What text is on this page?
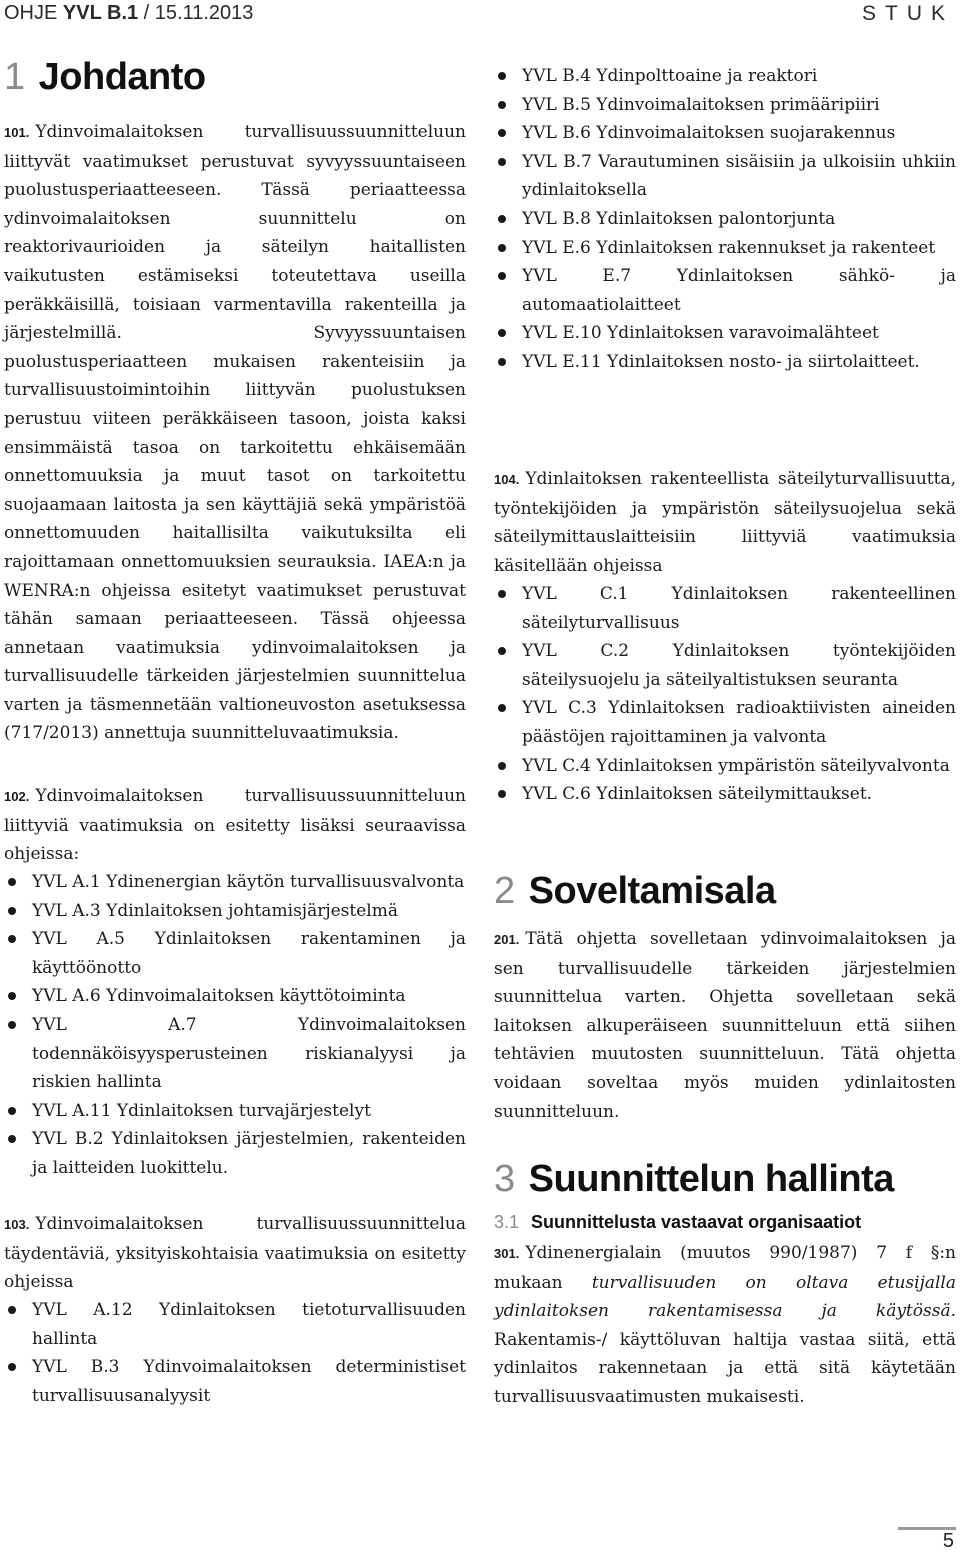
OHJE YVL B.1 / 15.11.2013	STUK
1 Johdanto

101. Ydinvoimalaitoksen turvallisuussuunnitteluun liittyvät vaatimukset perustuvat syvyyssuuntaiseen puolustusperiaatteeseen. Tässä periaatteessa ydinvoimalaitoksen suunnittelu on reaktorivaurioiden ja säteilyn haitallisten vaikutusten estämiseksi toteutettava useilla peräkkäisillä, toisiaan varmentavilla rakenteilla ja järjestelmillä. Syvyyssuuntaisen puolustusperiaatteen mukaisen rakenteisiin ja turvallisuustoimintoihin liittyvän puolustuksen perustuu viiteen peräkkäiseen tasoon, joista kaksi ensimmäistä tasoa on tarkoitettu ehkäisemään onnettomuuksia ja muut tasot on tarkoitettu suojaamaan laitosta ja sen käyttäjiä sekä ympäristöä onnettomuuden haitallisilta vaikutuksilta eli rajoittamaan onnettomuuksien seurauksia. IAEA:n ja WENRA:n ohjeissa esitetyt vaatimukset perustuvat tähän samaan periaatteeseen. Tässä ohjeessa annetaan vaatimuksia ydinvoimalaitoksen ja turvallisuudelle tärkeiden järjestelmien suunnittelua varten ja täsmennetään valtioneuvoston asetuksessa (717/2013) annettuja suunnitteluvaatimuksia.

102. Ydinvoimalaitoksen turvallisuussuunnitteluun liittyviä vaatimuksia on esitetty lisäksi seuraavissa ohjeissa:

YVL A.1 Ydinenergian käytön turvallisuusvalvonta
YVL A.3 Ydinlaitoksen johtamisjärjestelmä
YVL A.5 Ydinlaitoksen rakentaminen ja käyttöönotto
YVL A.6 Ydinvoimalaitoksen käyttötoiminta
YVL A.7 Ydinvoimalaitoksen todennäköisyysperusteinen riskianalyysi ja riskien hallinta
YVL A.11 Ydinlaitoksen turvajärjestelyt
YVL B.2 Ydinlaitoksen järjestelmien, rakenteiden ja laitteiden luokittelu.

103. Ydinvoimalaitoksen turvallisuussuunnittelua täydentäviä, yksityiskohtaisia vaatimuksia on esitetty ohjeissa

YVL A.12 Ydinlaitoksen tietoturvallisuuden hallinta
YVL B.3 Ydinvoimalaitoksen deterministiset turvallisuusanalyysit
YVL B.4 Ydinpolttoaine ja reaktori
YVL B.5 Ydinvoimalaitoksen primääripiiri
YVL B.6 Ydinvoimalaitoksen suojarakennus
YVL B.7 Varautuminen sisäisiin ja ulkoisiin uhkiin ydinlaitoksella
YVL B.8 Ydinlaitoksen palontorjunta
YVL E.6 Ydinlaitoksen rakennukset ja rakenteet
YVL E.7 Ydinlaitoksen sähkö- ja automaatiolaitteet
YVL E.10 Ydinlaitoksen varavoimalähteet
YVL E.11 Ydinlaitoksen nosto- ja siirtolaitteet.

104. Ydinlaitoksen rakenteellista säteilyturvallisuutta, työntekijöiden ja ympäristön säteilysuojelua sekä säteilymittauslaitteisiin liittyviä vaatimuksia käsitellään ohjeissa

YVL C.1 Ydinlaitoksen rakenteellinen säteilyturvallisuus
YVL C.2 Ydinlaitoksen työntekijöiden säteilysuojelu ja säteilyaltistuksen seuranta
YVL C.3 Ydinlaitoksen radioaktiivisten aineiden päästöjen rajoittaminen ja valvonta
YVL C.4 Ydinlaitoksen ympäristön säteilyvalvonta
YVL C.6 Ydinlaitoksen säteilymittaukset.
2 Soveltamisala

201. Tätä ohjetta sovelletaan ydinvoimalaitoksen ja sen turvallisuudelle tärkeiden järjestelmien suunnittelua varten. Ohjetta sovelletaan sekä laitoksen alkuperäiseen suunnitteluun että siihen tehtävien muutosten suunnitteluun. Tätä ohjetta voidaan soveltaa myös muiden ydinlaitosten suunnitteluun.

3 Suunnittelun hallinta
3.1 Suunnittelusta vastaavat organisaatiot

301. Ydinenergialain (muutos 990/1987) 7 f §:n mukaan turvallisuuden on oltava etusijalla ydinlaitoksen rakentamisessa ja käytössä. Rakentamis-/ käyttöluvan haltija vastaa siitä, että ydinlaitos rakennetaan ja että sitä käytetään turvallisuusvaatimusten mukaisesti.

5
